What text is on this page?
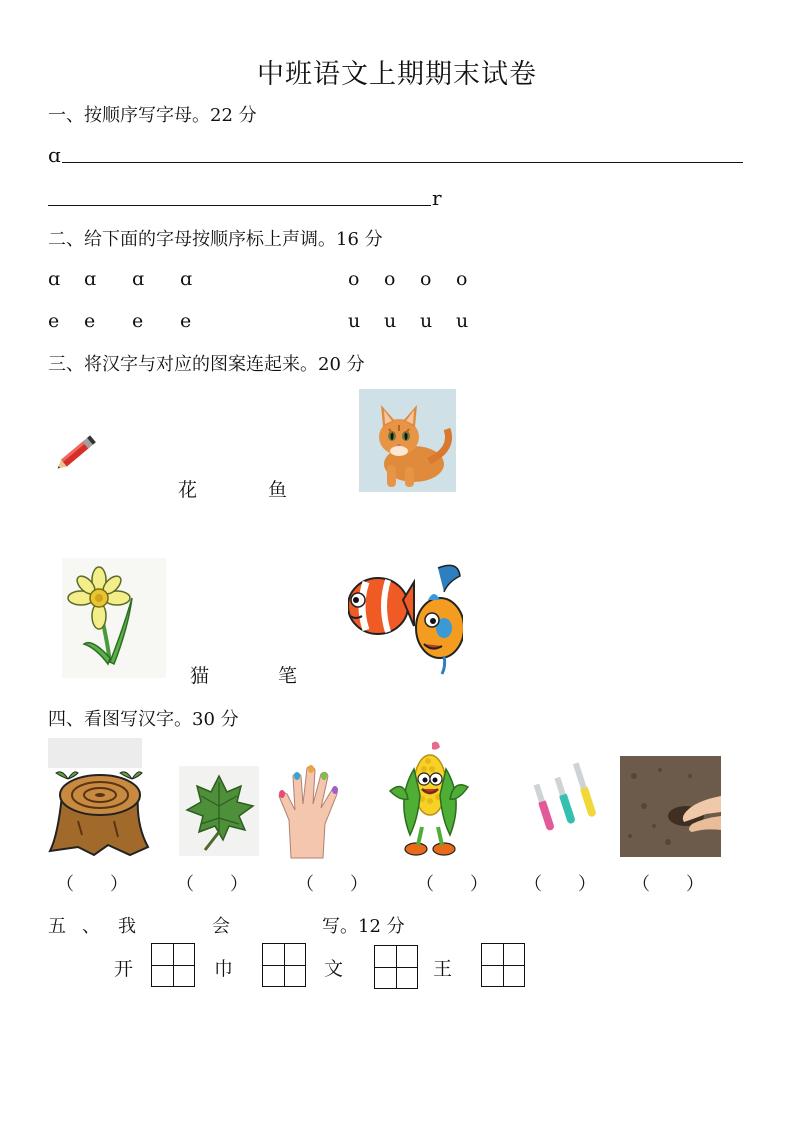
中班语文上期期末试卷
一、按顺序写字母。22 分
ɑ
r
二、给下面的字母按顺序标上声调。16 分
ɑ ɑ ɑ ɑ	o o o o
e e e e	u u u u
三、将汉字与对应的图案连起来。20 分
花	鱼
猫	笔
四、看图写汉字。30 分
（　　）	（　　）	（　　）	（　　） （　　） （　　）
五 、 我	会	写。12 分
开	巾	文	王
